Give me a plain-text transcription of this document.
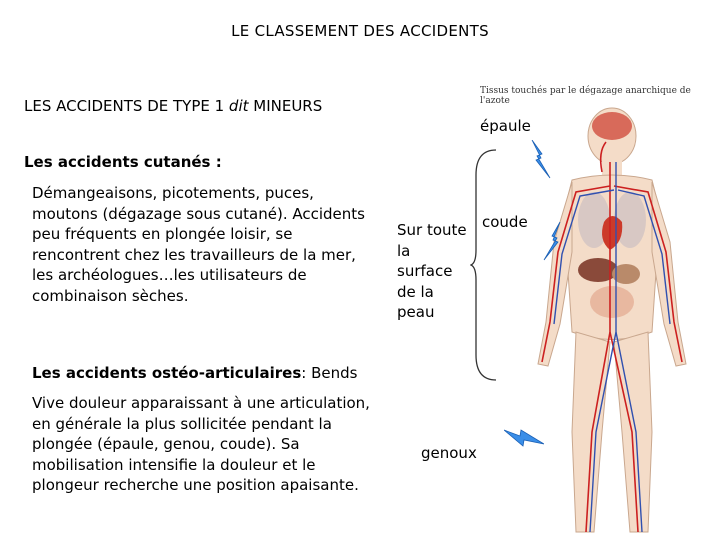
LE CLASSEMENT DES ACCIDENTS
LES ACCIDENTS DE TYPE 1 dit MINEURS
Les accidents cutanés :
Démangeaisons, picotements, puces, moutons (dégazage sous cutané). Accidents peu fréquents en plongée loisir, se rencontrent chez les travailleurs de la mer, les archéologues…les utilisateurs de combinaison sèches.
Les accidents ostéo-articulaires: Bends
Vive douleur apparaissant à une articulation, en générale la plus sollicitée pendant la plongée (épaule, genou, coude). Sa mobilisation intensifie la douleur et le plongeur recherche une position apaisante.
Tissus touchés par le dégazage anarchique de l'azote
épaule
coude
Sur toute la surface de la peau
genoux
